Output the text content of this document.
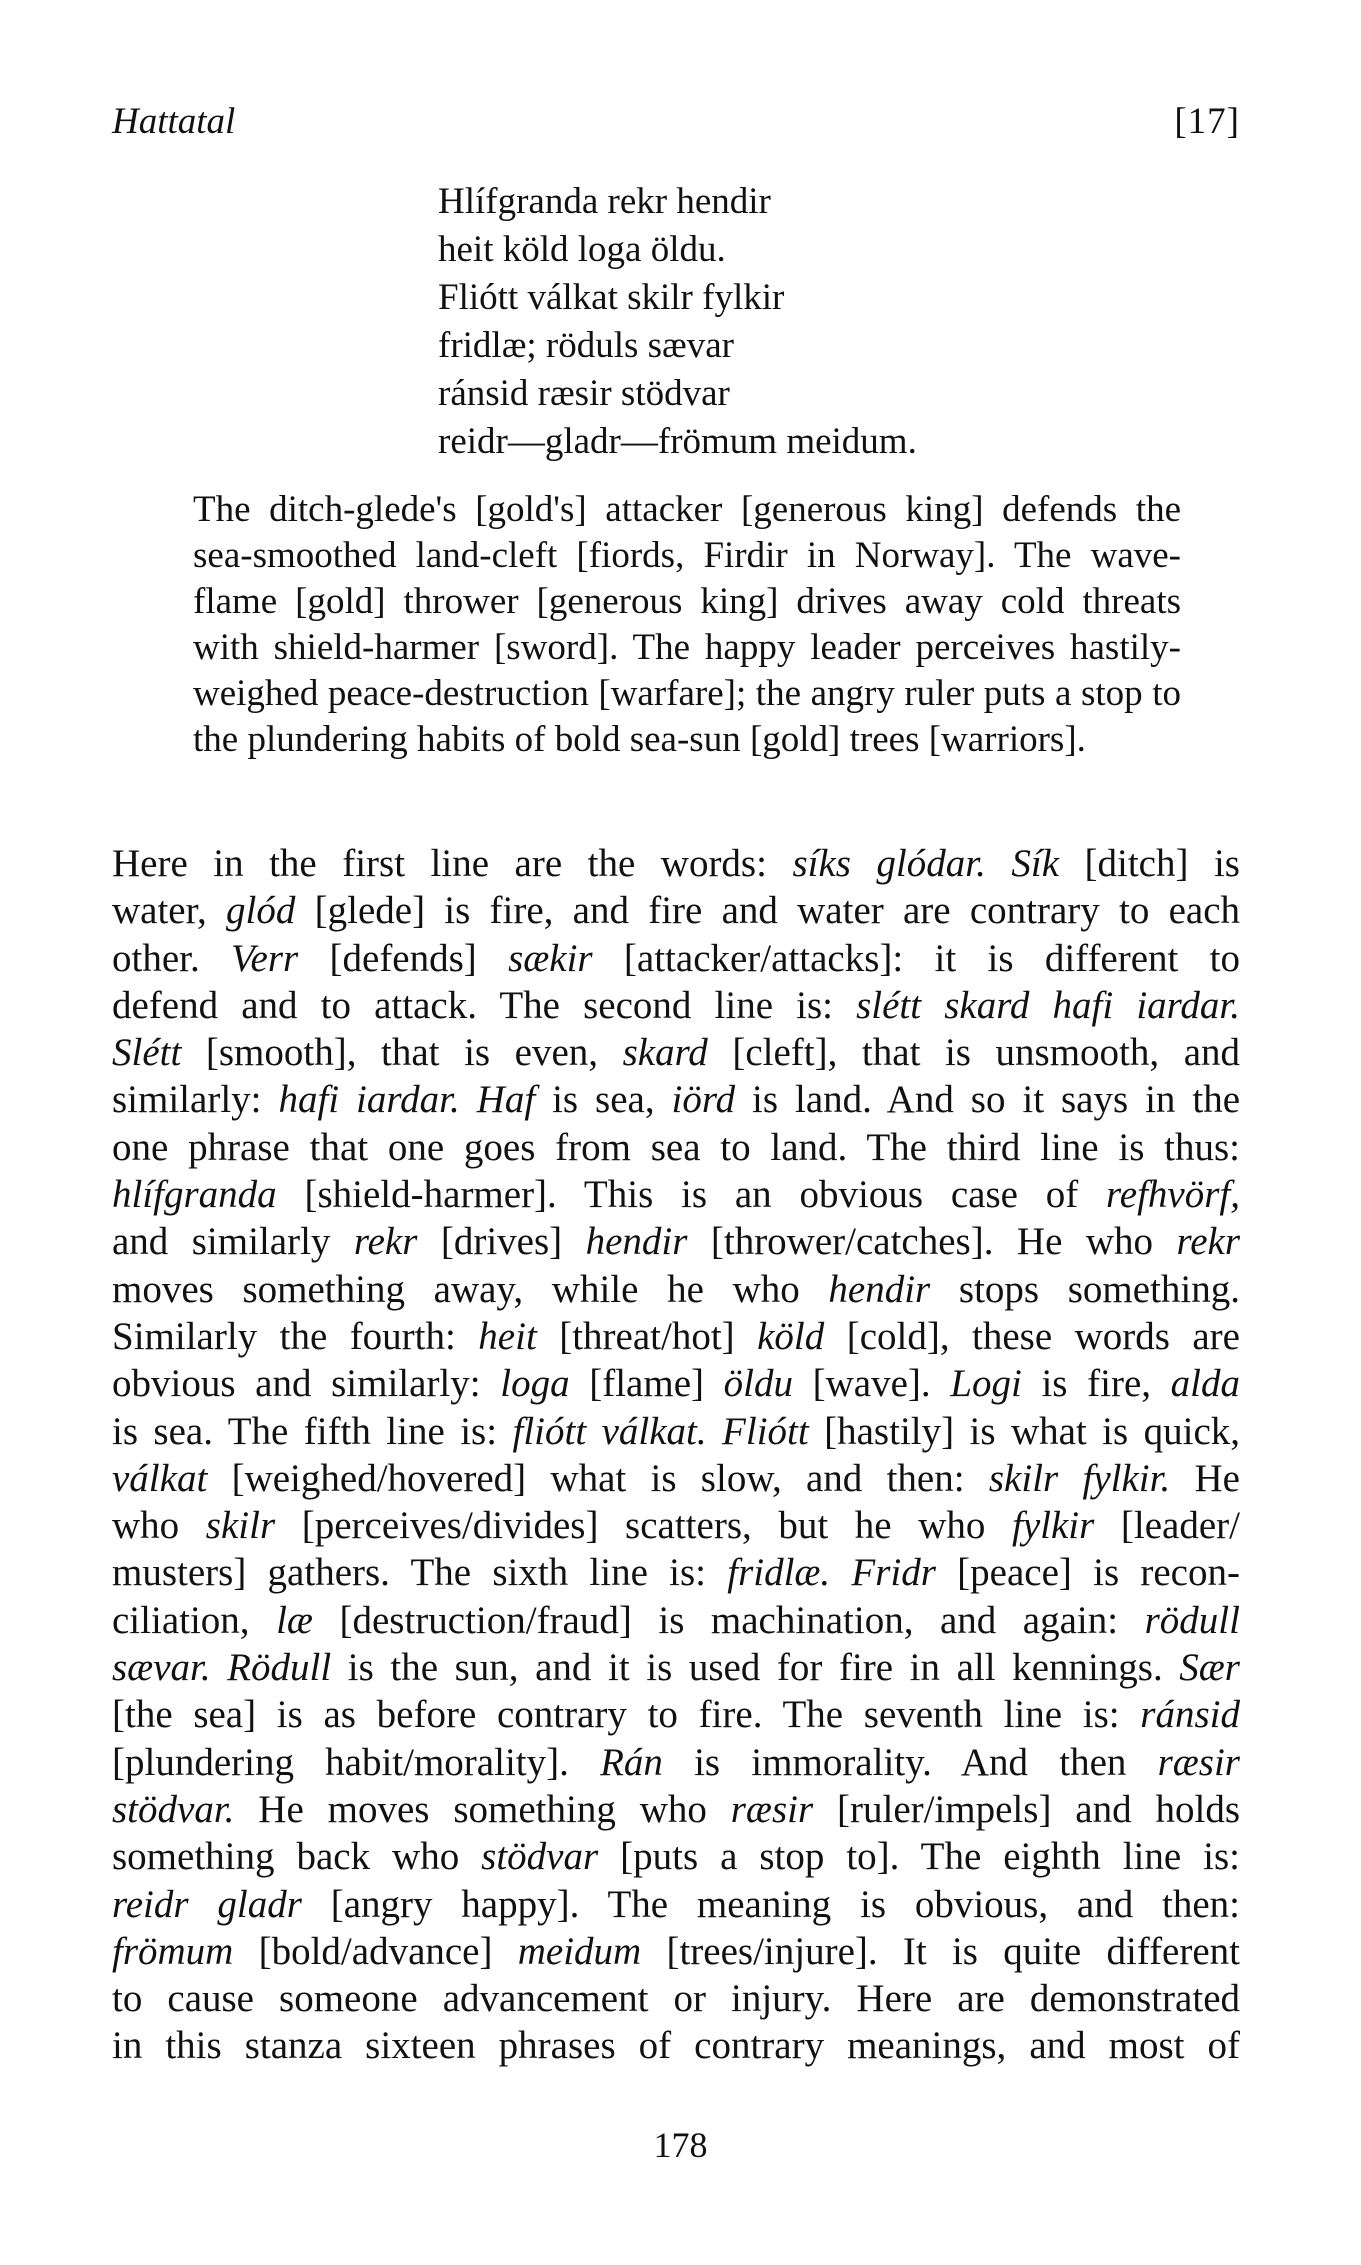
Hattatal	[17]
Hlífgranda rekr hendir
heit köld loga öldu.
Fliótt válkat skilr fylkir
fridlæ; röduls sævar
ránsid ræsir stödvar
reidr—gladr—frömum meidum.
The ditch-glede's [gold's] attacker [generous king] defends the sea-smoothed land-cleft [fiords, Firdir in Norway]. The wave-flame [gold] thrower [generous king] drives away cold threats with shield-harmer [sword]. The happy leader perceives hastily-weighed peace-destruction [warfare]; the angry ruler puts a stop to the plundering habits of bold sea-sun [gold] trees [warriors].

Here in the first line are the words: síks glódar. Sík [ditch] is
water, glód [glede] is fire, and fire and water are contrary to each
other. Verr [defends] sækir [attacker/attacks]: it is different to
defend and to attack. The second line is: slétt skard hafi iardar.
Slétt [smooth], that is even, skard [cleft], that is unsmooth, and
similarly: hafi iardar. Haf is sea, iörd is land. And so it says in the
one phrase that one goes from sea to land. The third line is thus:
hlífgranda [shield-harmer]. This is an obvious case of refhvörf,
and similarly rekr [drives] hendir [thrower/catches]. He who rekr
moves something away, while he who hendir stops something.
Similarly the fourth: heit [threat/hot] köld [cold], these words are
obvious and similarly: loga [flame] öldu [wave]. Logi is fire, alda
is sea. The fifth line is: fliótt válkat. Fliótt [hastily] is what is quick,
válkat [weighed/hovered] what is slow, and then: skilr fylkir. He
who skilr [perceives/divides] scatters, but he who fylkir [leader/
musters] gathers. The sixth line is: fridlæ. Fridr [peace] is recon-
ciliation, læ [destruction/fraud] is machination, and again: rödull
sævar. Rödull is the sun, and it is used for fire in all kennings. Sær
[the sea] is as before contrary to fire. The seventh line is: ránsid
[plundering habit/morality]. Rán is immorality. And then ræsir
stödvar. He moves something who ræsir [ruler/impels] and holds
something back who stödvar [puts a stop to]. The eighth line is:
reidr gladr [angry happy]. The meaning is obvious, and then:
frömum [bold/advance] meidum [trees/injure]. It is quite different
to cause someone advancement or injury. Here are demonstrated
in this stanza sixteen phrases of contrary meanings, and most of

178
